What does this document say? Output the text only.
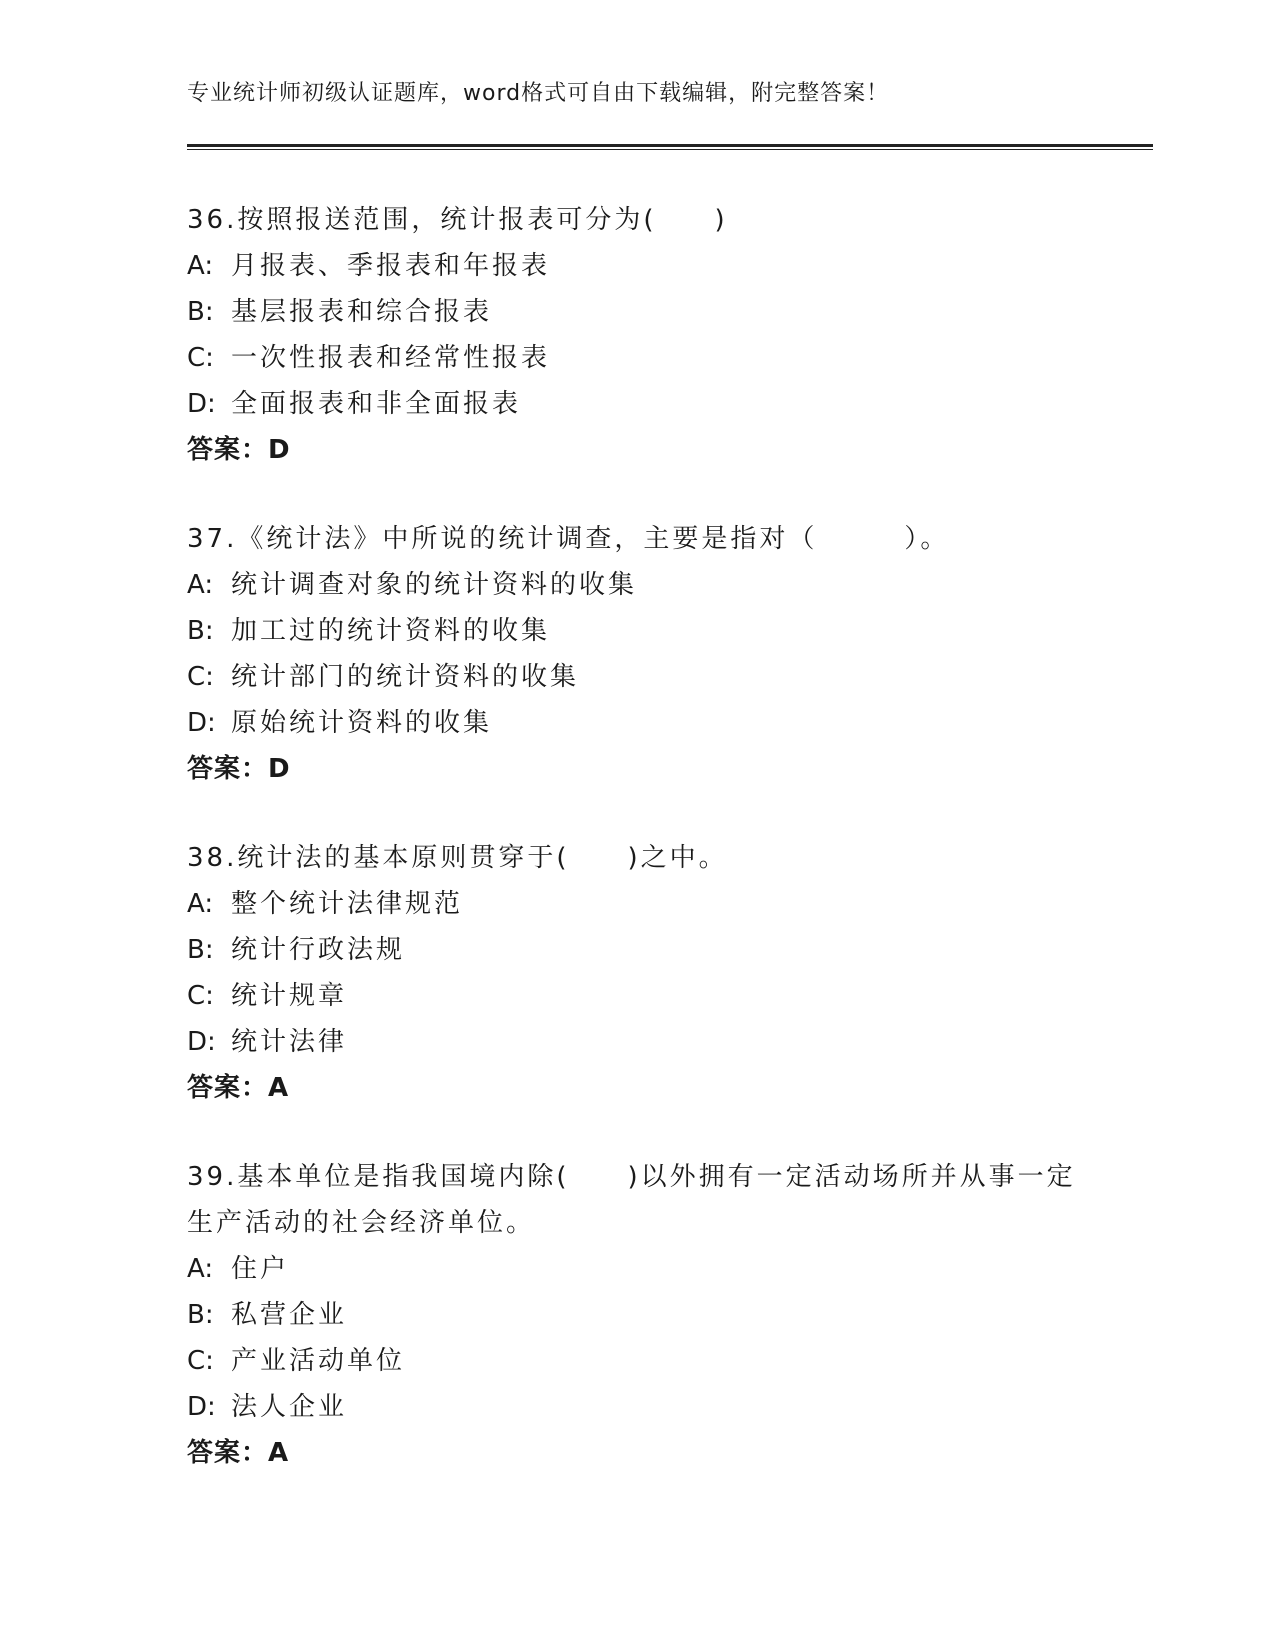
专业统计师初级认证题库，word格式可自由下载编辑，附完整答案！
36.按照报送范围，统计报表可分为(　　)
A: 月报表、季报表和年报表
B: 基层报表和综合报表
C: 一次性报表和经常性报表
D: 全面报表和非全面报表
答案：D
37.《统计法》中所说的统计调查，主要是指对（　　　）。
A: 统计调查对象的统计资料的收集
B: 加工过的统计资料的收集
C: 统计部门的统计资料的收集
D: 原始统计资料的收集
答案：D
38.统计法的基本原则贯穿于(　　)之中。
A: 整个统计法律规范
B: 统计行政法规
C: 统计规章
D: 统计法律
答案：A
39.基本单位是指我国境内除(　　)以外拥有一定活动场所并从事一定
生产活动的社会经济单位。
A: 住户
B: 私营企业
C: 产业活动单位
D: 法人企业
答案：A
